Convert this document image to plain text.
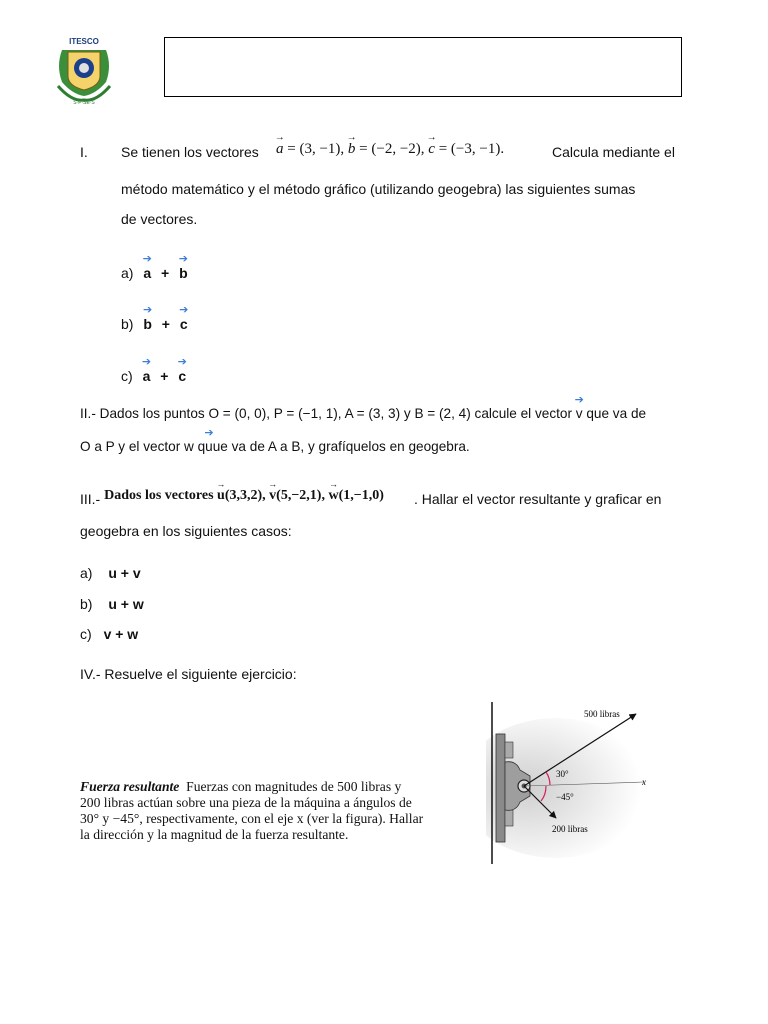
ITESCO
S·F·SE·S
I. Se tienen los vectores → a = (3, −1), → b = (−2, −2), → c = (−3, −1).	Calcula mediante el
método matemático y el método gráfico (utilizando geogebra) las siguientes sumas
de vectores.
a)
➔
a +
➔
b
b)
➔
b +
➔
c
c)
➔
a +
➔
c
II.- Dados los puntos O = (0, 0), P = (−1, 1), A = (3, 3) y B = (2, 4) calcule el vector
➔
v que va de
O a P y el vector w q
➔
uue va de A a B, y grafíquelos en geogebra.
III.- Dados los vectores → u(3,3,2), → v(5,−2,1), → w(1,−1,0) . Hallar el vector resultante y graficar en
geogebra en los siguientes casos:
a) u + v
b) u + w
c) v + w
IV.- Resuelve el siguiente ejercicio:
Fuerza resultante Fuerzas con magnitudes de 500 libras y
200 libras actúan sobre una pieza de la máquina a ángulos de
30° y −45°, respectivamente, con el eje x (ver la figura). Hallar
la dirección y la magnitud de la fuerza resultante.
500 libras
200 libras
30°
−45°
x
